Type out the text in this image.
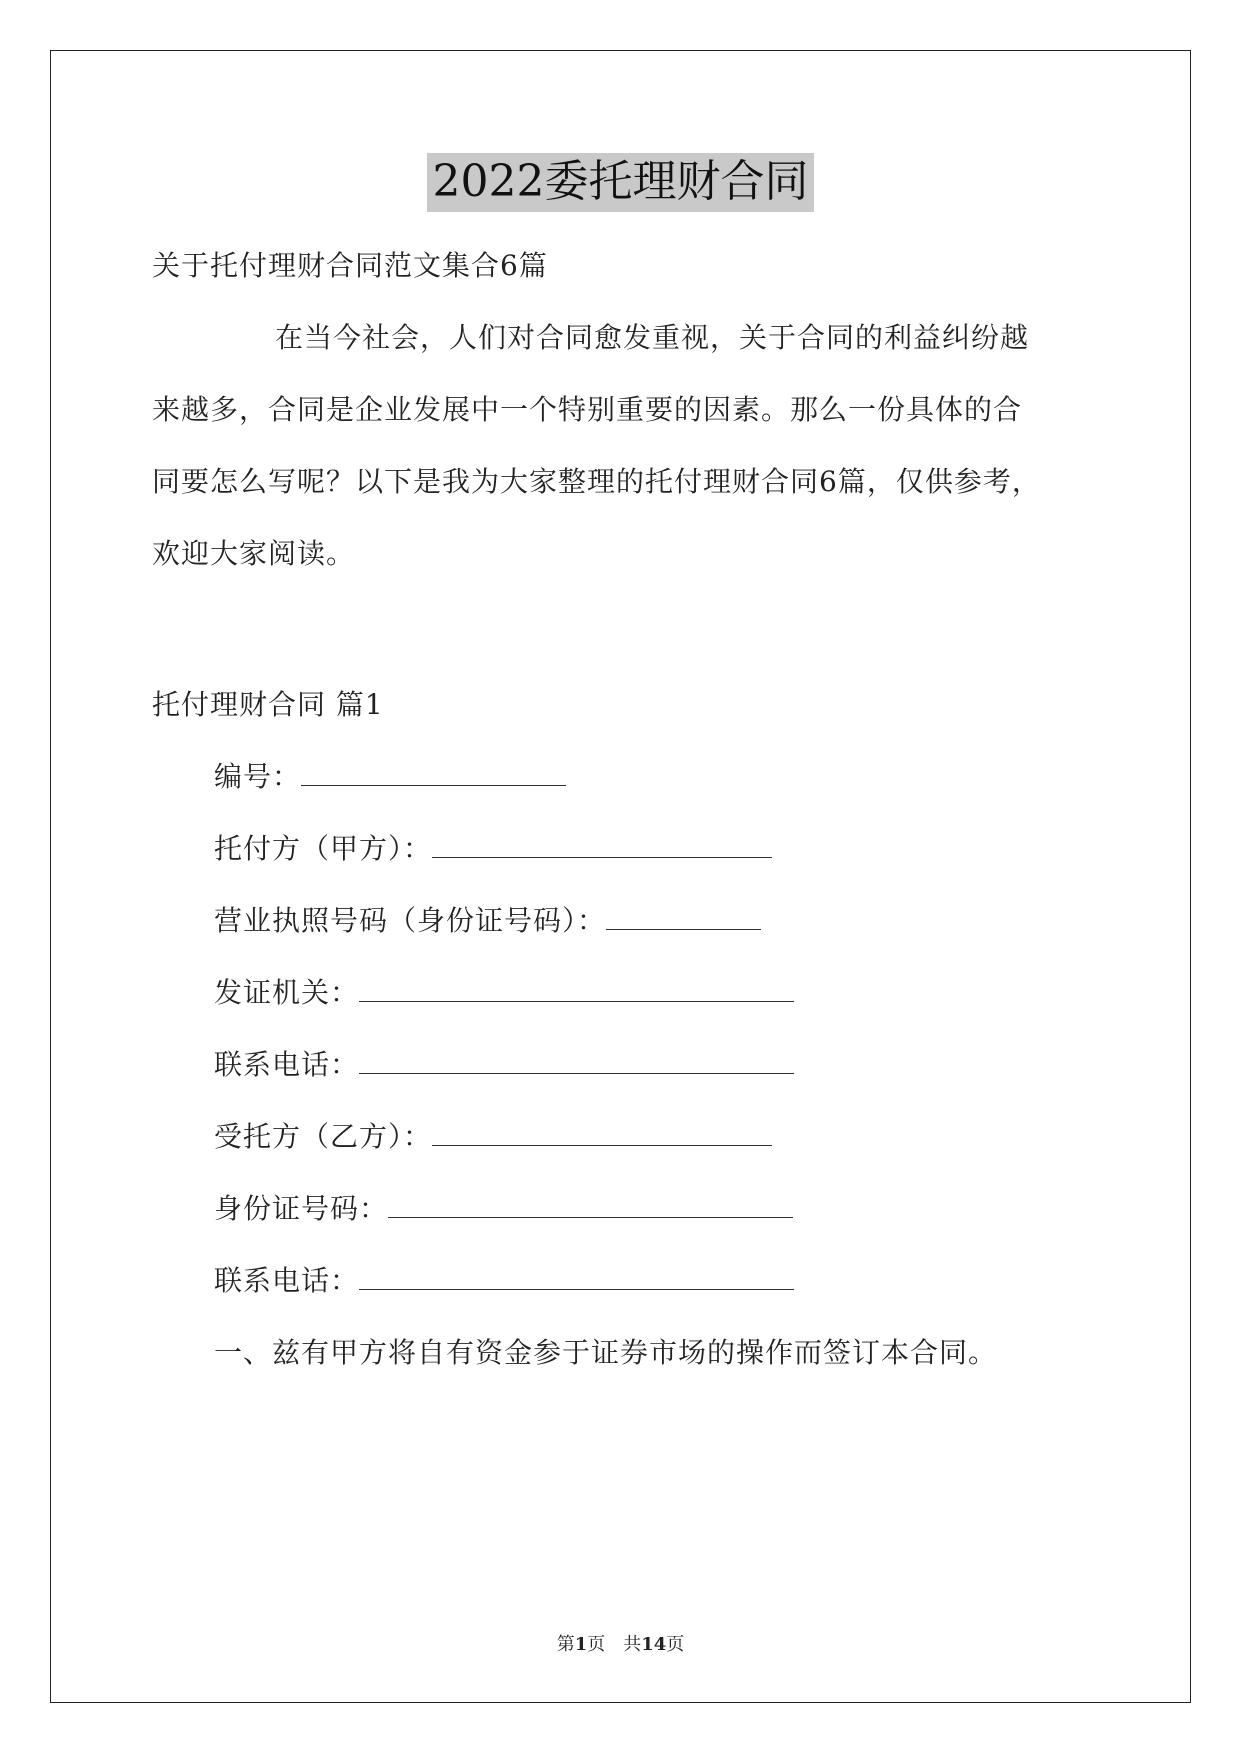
2022委托理财合同
关于托付理财合同范文集合6篇
在当今社会，人们对合同愈发重视，关于合同的利益纠纷越
来越多，合同是企业发展中一个特别重要的因素。那么一份具体的合
同要怎么写呢？以下是我为大家整理的托付理财合同6篇，仅供参考，
欢迎大家阅读。
托付理财合同 篇1
编号：
托付方（甲方）：
营业执照号码（身份证号码）：
发证机关：
联系电话：
受托方（乙方）：
身份证号码：
联系电话：
一、兹有甲方将自有资金参于证券市场的操作而签订本合同。
第1页　共14页
